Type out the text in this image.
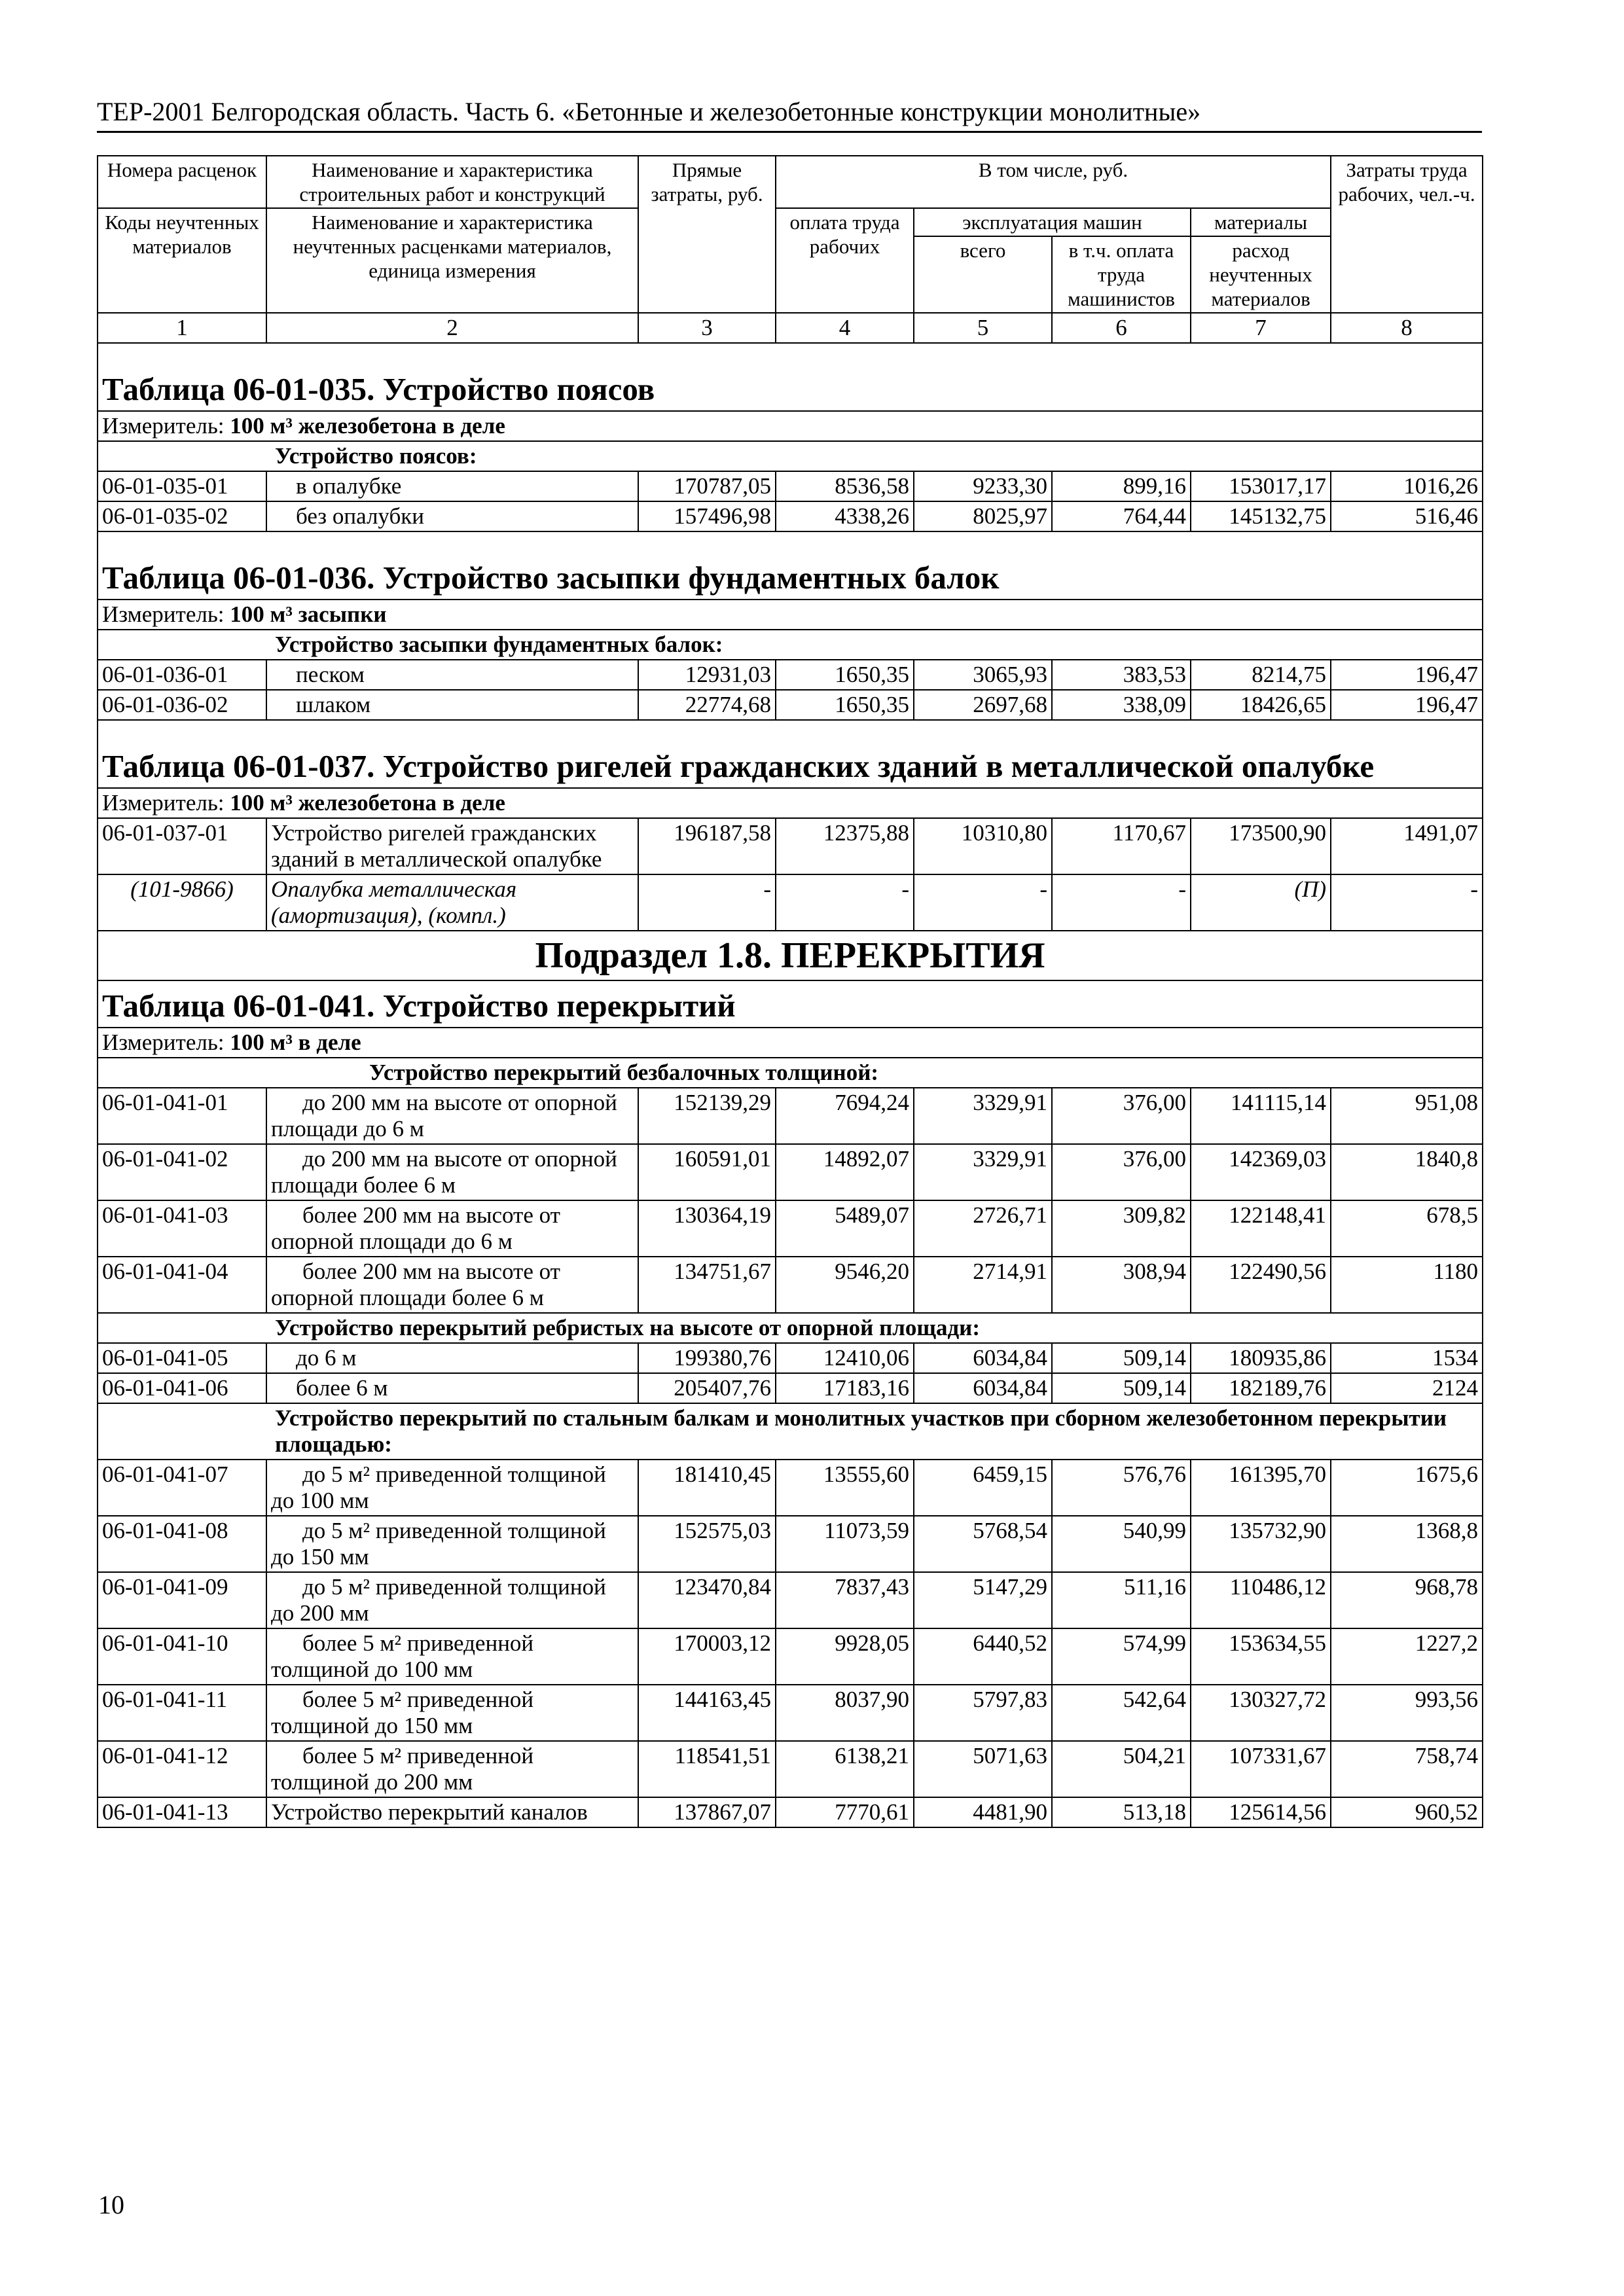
ТЕР-2001 Белгородская область. Часть 6. «Бетонные и железобетонные конструкции монолитные»
Номера расценок	Наименование и характеристика строительных работ и конструкций	Прямые затраты, руб.	В том числе, руб.				Затраты труда рабочих, чел.-ч.
Коды неучтенных материалов	Наименование и характеристика неучтенных расценками материалов, единица измерения		оплата труда рабочих	эксплуатация машин		материалы	
				всего	в т.ч. оплата труда машинистов	расход неучтенных материалов	
1	2	3	4	5	6	7	8
Таблица 06-01-035. Устройство поясов							
Измеритель: 100 м³ железобетона в деле							
Устройство поясов:							
06-01-035-01	в опалубке	170787,05	8536,58	9233,30	899,16	153017,17	1016,26
06-01-035-02	без опалубки	157496,98	4338,26	8025,97	764,44	145132,75	516,46
Таблица 06-01-036. Устройство засыпки фундаментных балок							
Измеритель: 100 м³ засыпки							
Устройство засыпки фундаментных балок:							
06-01-036-01	песком	12931,03	1650,35	3065,93	383,53	8214,75	196,47
06-01-036-02	шлаком	22774,68	1650,35	2697,68	338,09	18426,65	196,47
Таблица 06-01-037. Устройство ригелей гражданских зданий в металлической опалубке							
Измеритель: 100 м³ железобетона в деле							
06-01-037-01	Устройство ригелей гражданских зданий в металлической опалубке	196187,58	12375,88	10310,80	1170,67	173500,90	1491,07
(101-9866)	Опалубка металлическая (амортизация), (компл.)	-	-	-	-	(П)	-
Подраздел 1.8. ПЕРЕКРЫТИЯ							
Таблица 06-01-041. Устройство перекрытий							
Измеритель: 100 м³ в деле							
Устройство перекрытий безбалочных толщиной:							
06-01-041-01	до 200 мм на высоте от опорной площади до 6 м	152139,29	7694,24	3329,91	376,00	141115,14	951,08
06-01-041-02	до 200 мм на высоте от опорной площади более 6 м	160591,01	14892,07	3329,91	376,00	142369,03	1840,8
06-01-041-03	более 200 мм на высоте от опорной площади до 6 м	130364,19	5489,07	2726,71	309,82	122148,41	678,5
06-01-041-04	более 200 мм на высоте от опорной площади более 6 м	134751,67	9546,20	2714,91	308,94	122490,56	1180
Устройство перекрытий ребристых на высоте от опорной площади:							
06-01-041-05	до 6 м	199380,76	12410,06	6034,84	509,14	180935,86	1534
06-01-041-06	более 6 м	205407,76	17183,16	6034,84	509,14	182189,76	2124
Устройство перекрытий по стальным балкам и монолитных участков при сборном железобетонном перекрытии площадью:							
06-01-041-07	до 5 м² приведенной толщиной до 100 мм	181410,45	13555,60	6459,15	576,76	161395,70	1675,6
06-01-041-08	до 5 м² приведенной толщиной до 150 мм	152575,03	11073,59	5768,54	540,99	135732,90	1368,8
06-01-041-09	до 5 м² приведенной толщиной до 200 мм	123470,84	7837,43	5147,29	511,16	110486,12	968,78
06-01-041-10	более 5 м² приведенной толщиной до 100 мм	170003,12	9928,05	6440,52	574,99	153634,55	1227,2
06-01-041-11	более 5 м² приведенной толщиной до 150 мм	144163,45	8037,90	5797,83	542,64	130327,72	993,56
06-01-041-12	более 5 м² приведенной толщиной до 200 мм	118541,51	6138,21	5071,63	504,21	107331,67	758,74
06-01-041-13	Устройство перекрытий каналов	137867,07	7770,61	4481,90	513,18	125614,56	960,52
10
